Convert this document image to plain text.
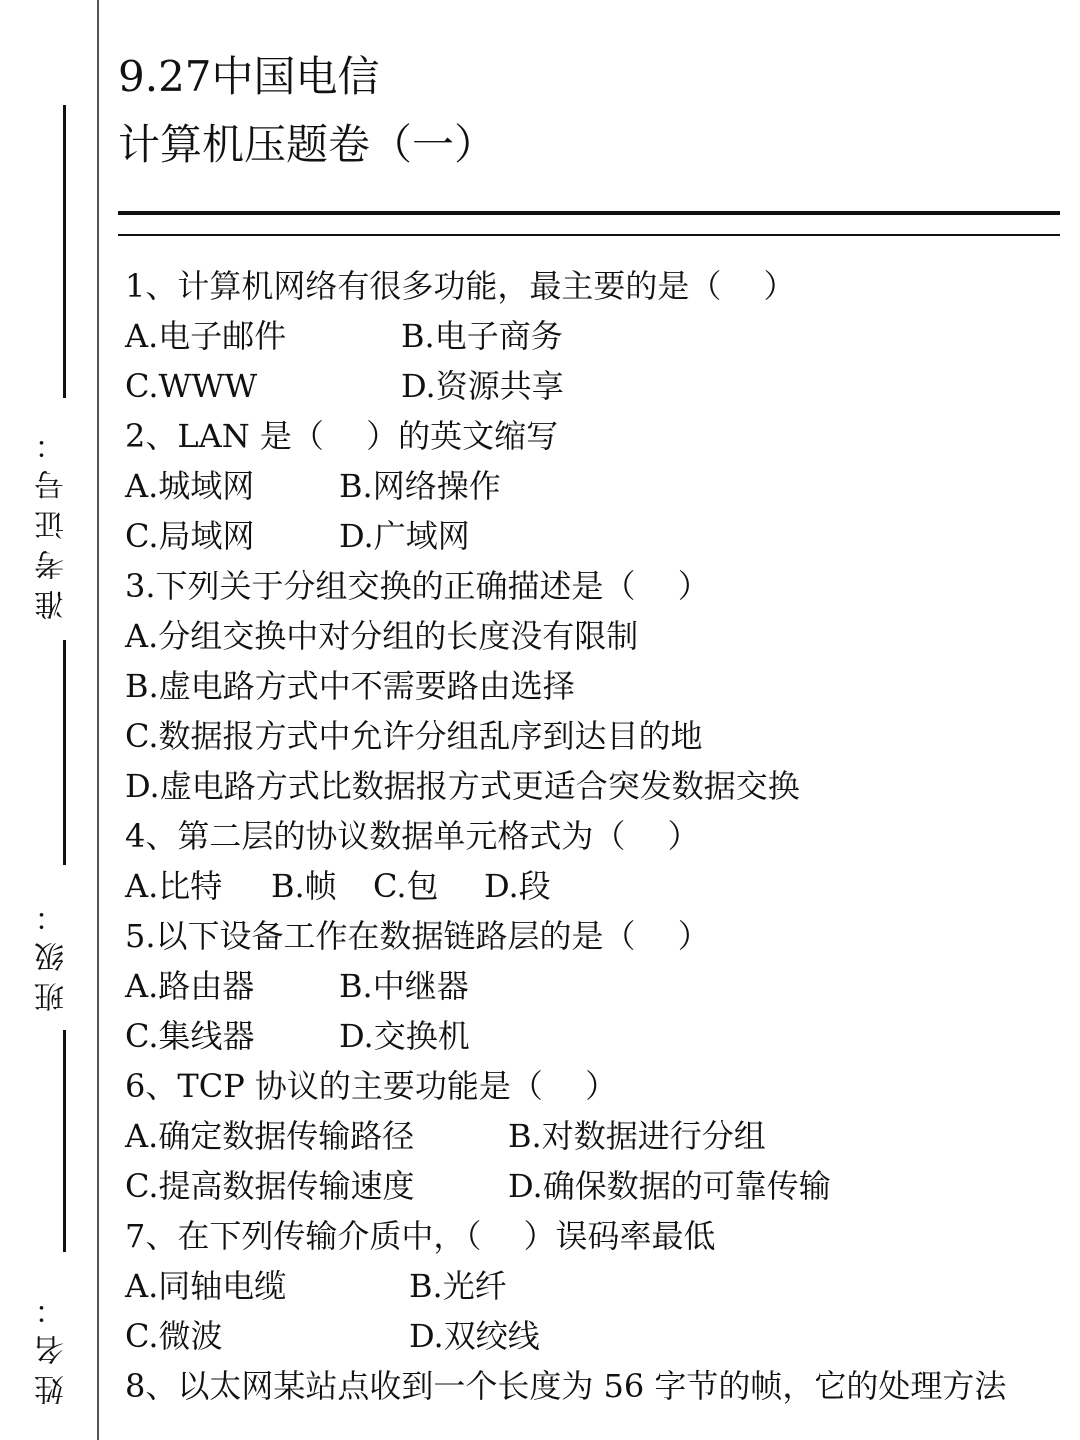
准考证号：
班级：
姓名：
9.27中国电信
计算机压题卷（一）
1、计算机网络有很多功能，最主要的是（　 ）
A.电子邮件	B.电子商务
C.WWW	D.资源共享
2、LAN 是（　 ）的英文缩写
A.城域网	B.网络操作
C.局域网	D.广域网
3.下列关于分组交换的正确描述是（　 ）
A.分组交换中对分组的长度没有限制
B.虚电路方式中不需要路由选择
C.数据报方式中允许分组乱序到达目的地
D.虚电路方式比数据报方式更适合突发数据交换
4、第二层的协议数据单元格式为（　 ）
A.比特 B.帧 C.包 D.段
5.以下设备工作在数据链路层的是（　 ）
A.路由器	B.中继器
C.集线器	D.交换机
6、TCP 协议的主要功能是（　 ）
A.确定数据传输路径	B.对数据进行分组
C.提高数据传输速度	D.确保数据的可靠传输
7、在下列传输介质中，（　 ）误码率最低
A.同轴电缆	B.光纤
C.微波	D.双绞线
8、以太网某站点收到一个长度为 56 字节的帧，它的处理方法
